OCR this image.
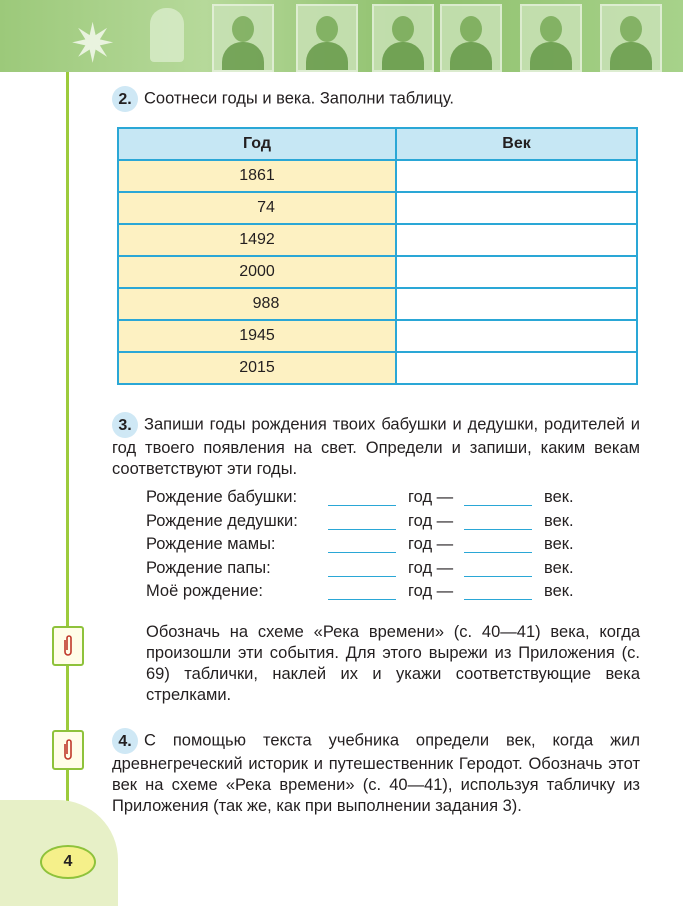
✷
4
2. Соотнеси годы и века. Заполни таблицу.
Год	Век
1861	
74	
1492	
2000	
988	
1945	
2015	
3. Запиши годы рождения твоих бабушки и дедушки, родителей и год твоего появления на свет. Определи и запиши, каким векам соответствуют эти годы.
Рождение бабушки:	год —	век.
Рождение дедушки:	год —	век.
Рождение мамы:	год —	век.
Рождение папы:	год —	век.
Моё рождение:	год —	век.
Обозначь на схеме «Река времени» (с. 40—41) века, когда произошли эти события. Для этого вырежи из Приложения (с. 69) таблички, наклей их и укажи соответствующие века стрелками.
4. С помощью текста учебника определи век, когда жил древнегреческий историк и путешественник Геродот. Обозначь этот век на схеме «Река времени» (с. 40—41), используя табличку из Приложения (так же, как при выполнении задания 3).
